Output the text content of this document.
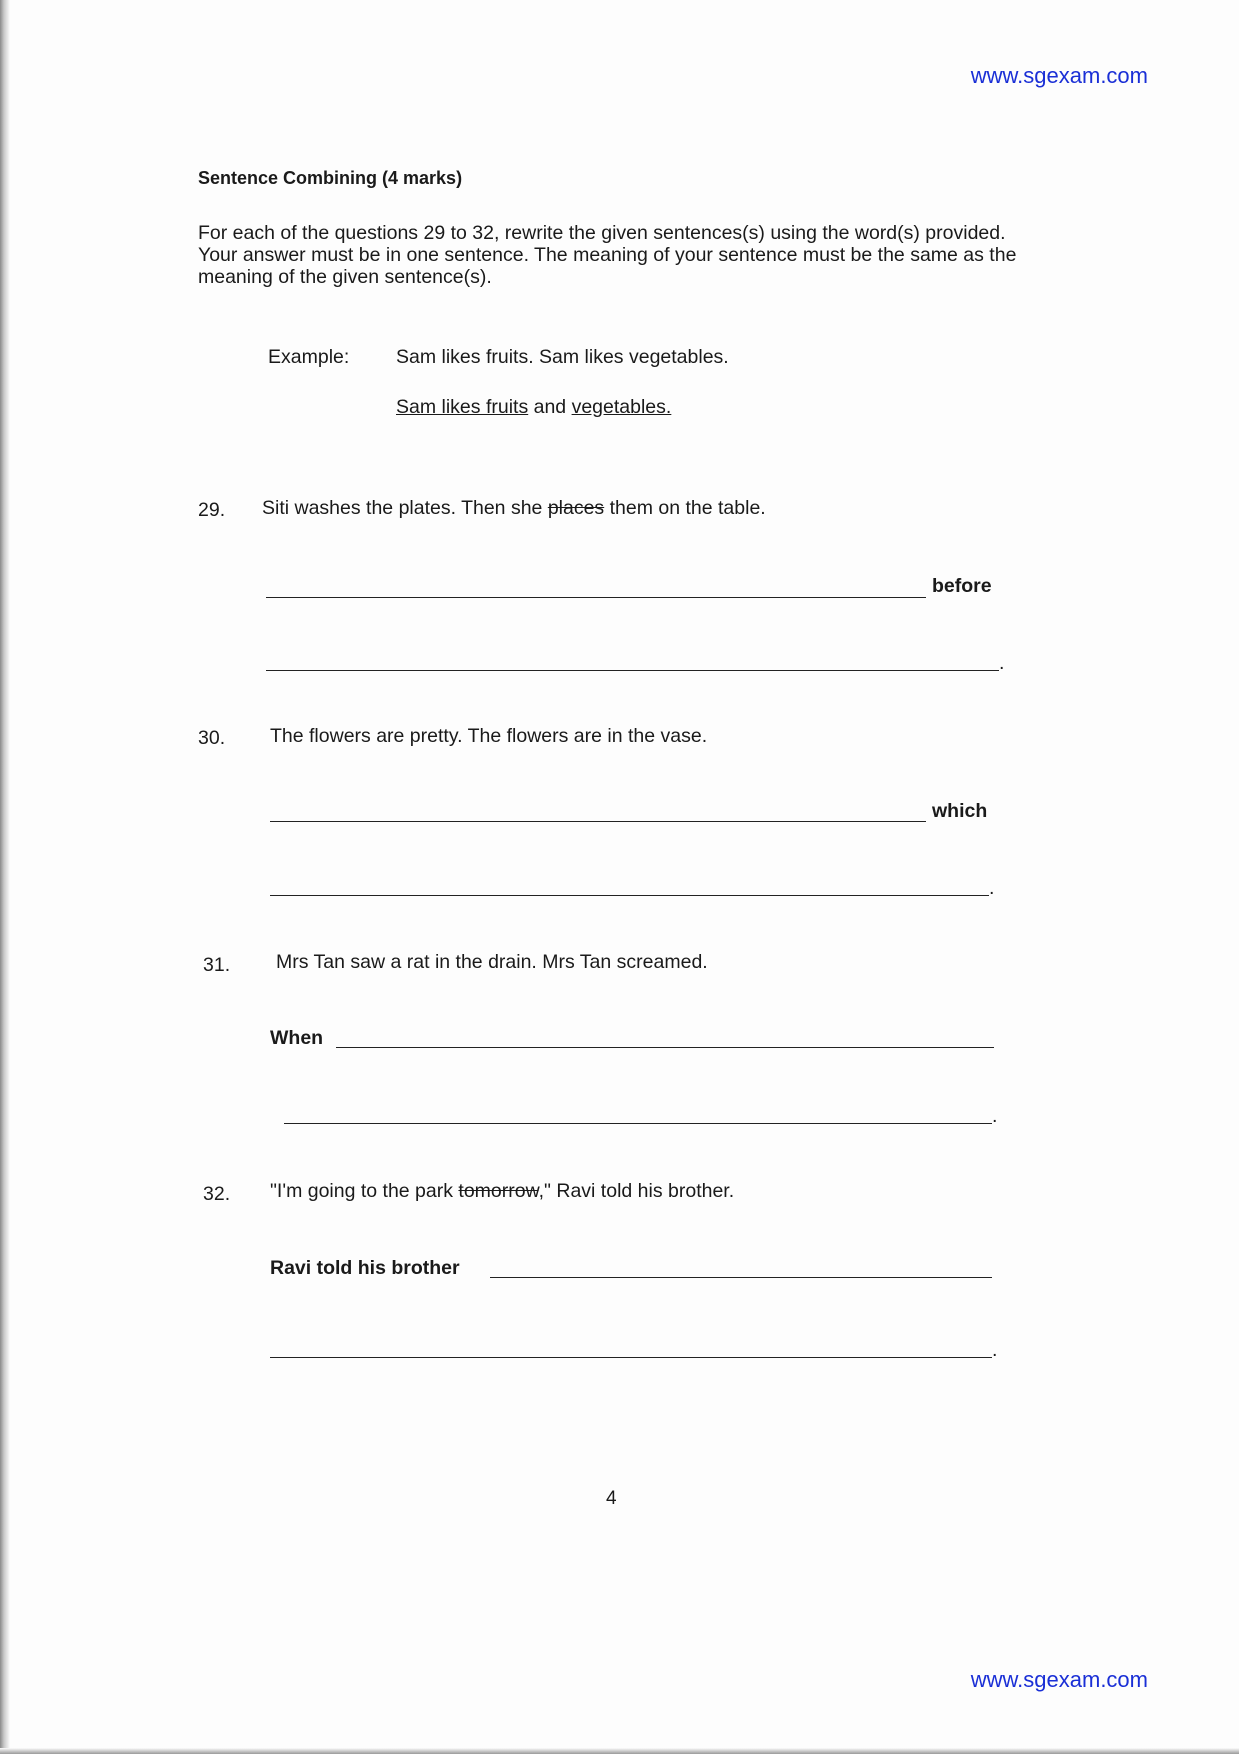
www.sgexam.com
Sentence Combining (4 marks)
For each of the questions 29 to 32, rewrite the given sentences(s) using the word(s) provided. Your answer must be in one sentence. The meaning of your sentence must be the same as the meaning of the given sentence(s).
Example: Sam likes fruits. Sam likes vegetables.
Sam likes fruits and vegetables.
29. Siti washes the plates. Then she places them on the table.
before
.
30. The flowers are pretty. The flowers are in the vase.
which
.
31. Mrs Tan saw a rat in the drain. Mrs Tan screamed.
When
.
32. "I'm going to the park tomorrow," Ravi told his brother.
Ravi told his brother
.
4
www.sgexam.com
